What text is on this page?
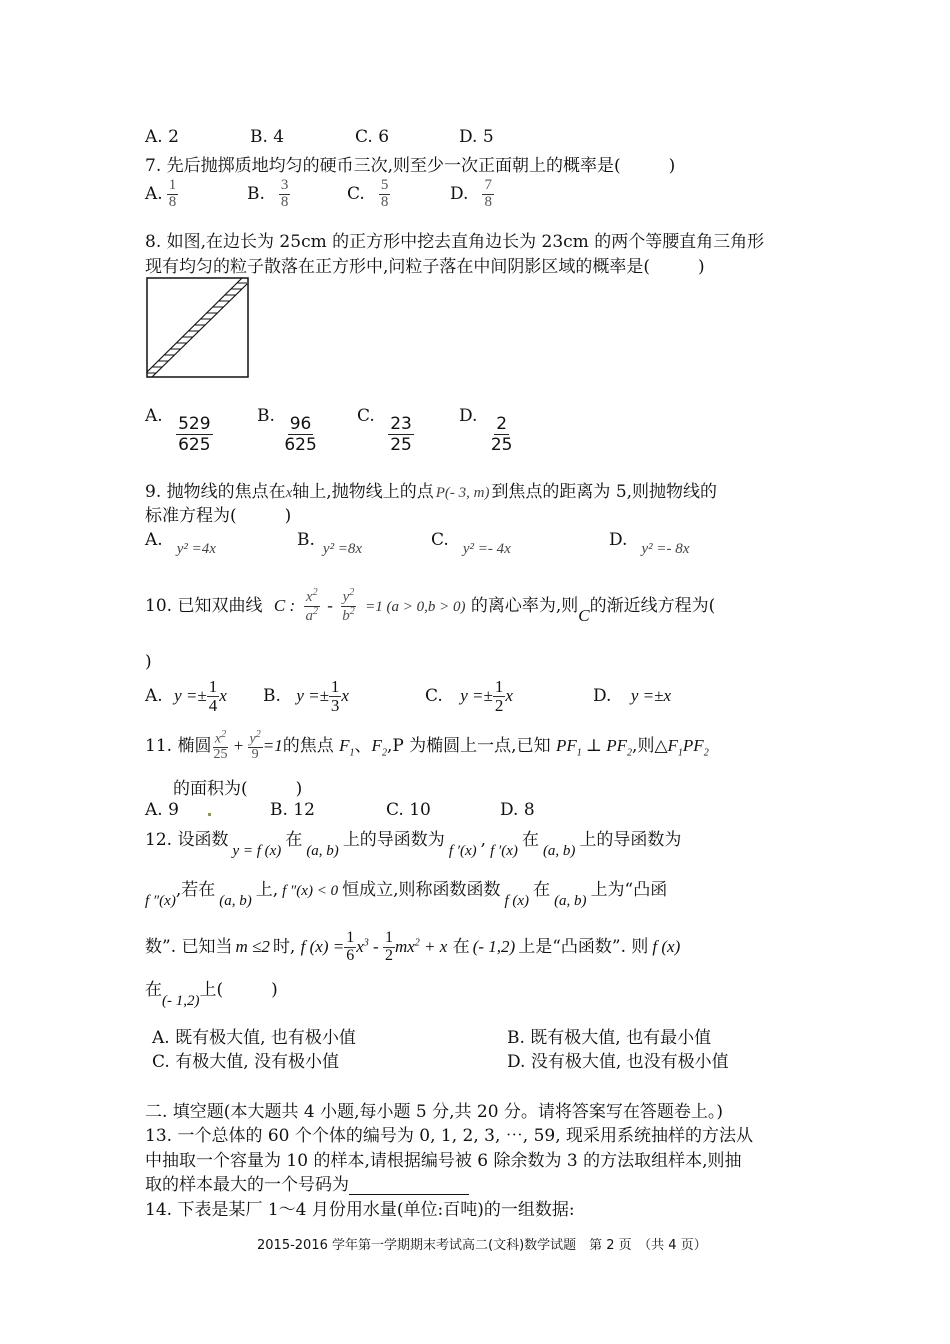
A. 2	B. 4	C. 6	D. 5
7. 先后抛掷质地均匀的硬币三次,则至少一次正面朝上的概率是(	)
A. $\frac{1}{8}$	B. $\frac{3}{8}$	C. $\frac{5}{8}$	D. $\frac{7}{8}$
8. 如图,在边长为 25cm 的正方形中挖去直角边长为 23cm 的两个等腰直角三角形
现有均匀的粒子散落在正方形中,问粒子落在中间阴影区域的概率是(	)
A. $\frac{529}{625}$	B. $\frac{96}{625} C$. $\frac{23}{25}$	D. $\frac{2}{25}$
9. 抛物线的焦点在x轴上,抛物线上的点 P(- 3, m) 到焦点的距离为 5,则抛物线的
标准方程为(	)
A. y² =4x	B. y² =8x	C. y² =- 4x	D. y² =- 8x
10. 已知双曲线 C : $\frac{x^2}{a^2} - \frac{y^2}{b^2} =1$ (a > 0,b > 0) 的离心率为,则C的渐近线方程为(
)
A. $y =\pm \frac{1}{4}$ x B. $y =\pm \frac{1}{3}$ x	C. $y =\pm \frac{1}{2}$ x	D. y =±x
11. 椭圆 $\frac{x^2}{25} + \frac{y^2}{9} =1$的焦点 $F_1$、$F_2,P$ 为椭圆上一点,已知 $PF_1$ ⊥ $PF_2$,则$\triangle F_1PF_2$
的面积为(	)
A. 9	B. 12	C. 10	D. 8
12. 设函数y = f (x)在(a, b)上的导函数为f ′(x),f ′(x)在(a, b)上的导函数为
f ″(x),若在(a, b)上, f ″(x) < 0 恒成立,则称函数函数f (x)在(a, b)上为“凸函
数”. 已知当 m ≤2 时, f $(x) = \frac{1}{6} x^3 - \frac{1}{2} mx^2 + x$ 在 (- 1,2) 上是“凸函数”. 则 f (x)
在(- 1,2)上(	)
A. 既有极大值, 也有极小值	B. 既有极大值, 也有最小值
C. 有极大值, 没有极小值	D. 没有极大值, 也没有极小值
二. 填空题(本大题共 4 小题,每小题 5 分,共 20 分。请将答案写在答题卷上。)
13. 一个总体的 60 个个体的编号为 0, 1, 2, 3, ⋯, 59, 现采用系统抽样的方法从
中抽取一个容量为 10 的样本,请根据编号被 6 除余数为 3 的方法取组样本,则抽
取的样本最大的一个号码为
14. 下表是某厂 1～4 月份用水量(单位:百吨)的一组数据:
2015-2016 学年第一学期期末考试高二(文科)数学试题　第 2 页　（共 4 页）
